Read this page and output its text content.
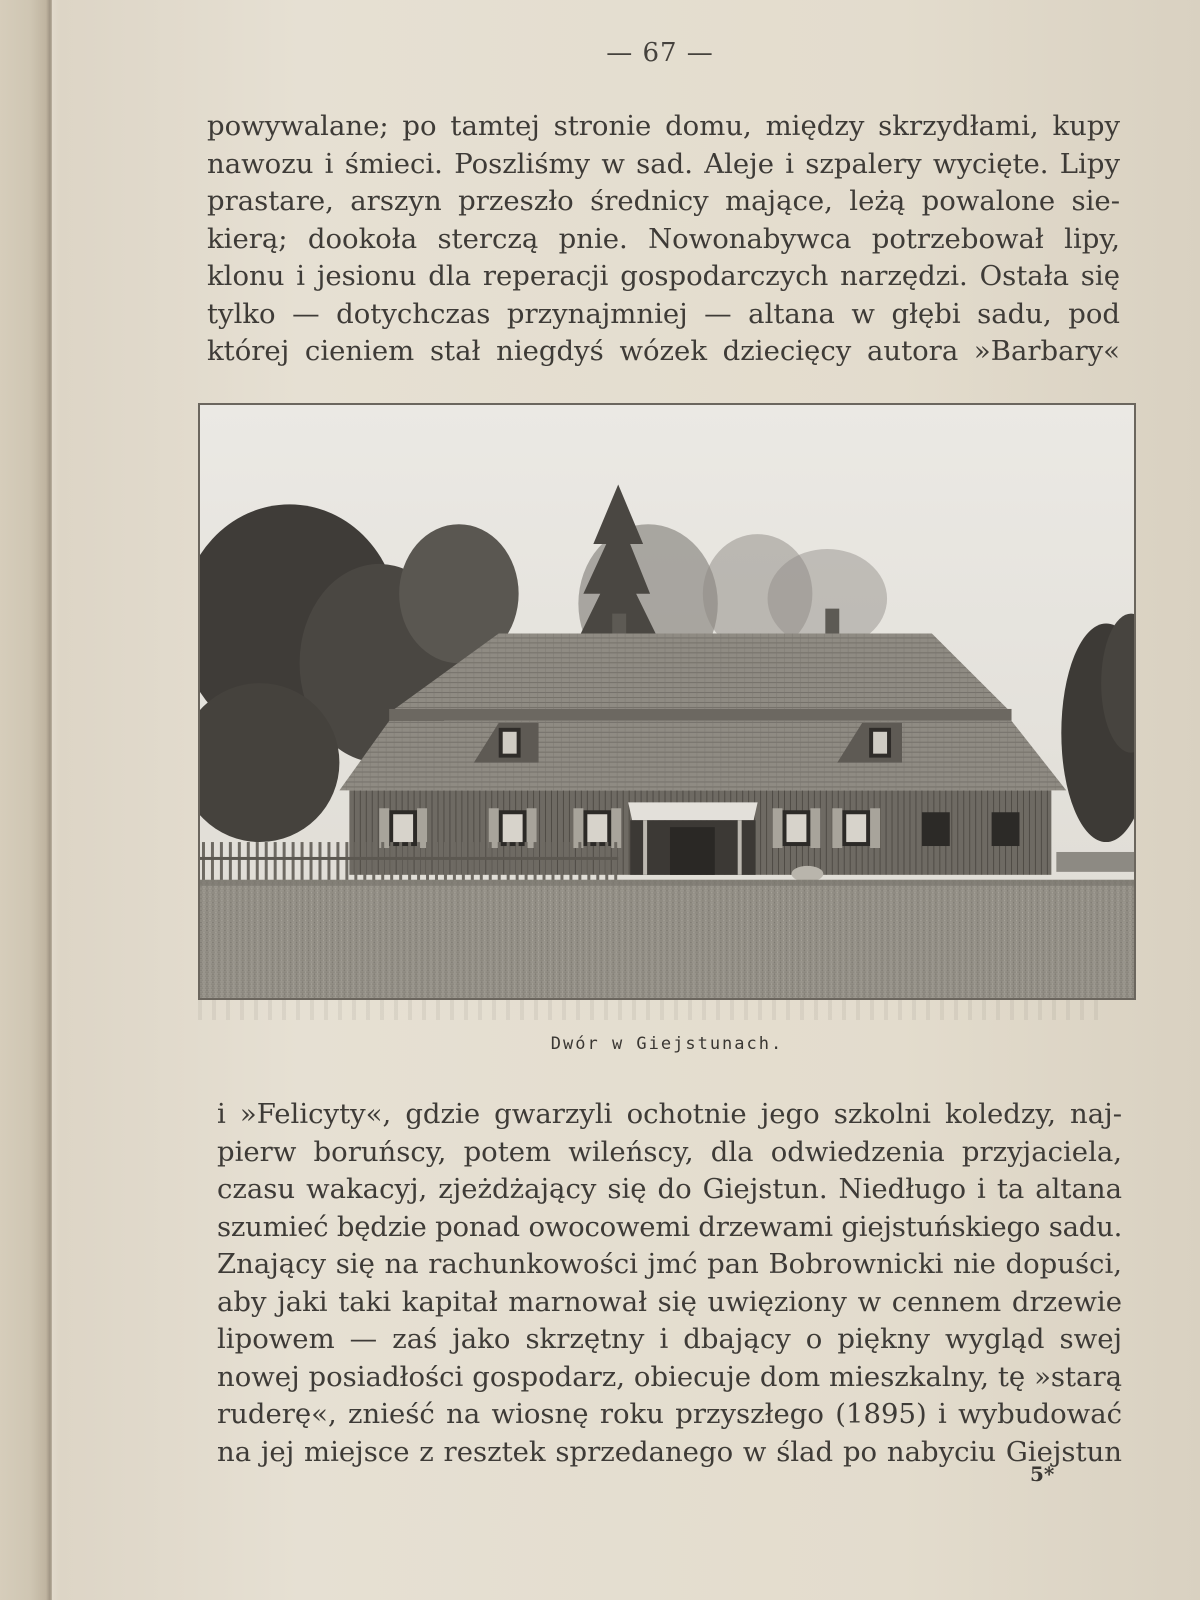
— 67 —
powywalane; po tamtej stronie domu, między skrzydłami, kupy
nawozu i śmieci. Poszliśmy w sad. Aleje i szpalery wycięte. Lipy
prastare, arszyn przeszło średnicy mające, leżą powalone sie-
kierą; dookoła sterczą pnie. Nowonabywca potrzebował lipy,
klonu i jesionu dla reperacji gospodarczych narzędzi. Ostała się
tylko — dotychczas przynajmniej — altana w głębi sadu, pod
której cieniem stał niegdyś wózek dziecięcy autora »Barbary«
Dwór w Giejstunach.
i »Felicyty«, gdzie gwarzyli ochotnie jego szkolni koledzy, naj-
pierw boruńscy, potem wileńscy, dla odwiedzenia przyjaciela,
czasu wakacyj, zjeżdżający się do Giejstun. Niedługo i ta altana
szumieć będzie ponad owocowemi drzewami giejstuńskiego sadu.
Znający się na rachunkowości jmć pan Bobrownicki nie dopuści,
aby jaki taki kapitał marnował się uwięziony w cennem drzewie
lipowem — zaś jako skrzętny i dbający o piękny wygląd swej
nowej posiadłości gospodarz, obiecuje dom mieszkalny, tę »starą
ruderę«, znieść na wiosnę roku przyszłego (1895) i wybudować
na jej miejsce z resztek sprzedanego w ślad po nabyciu Giejstun
5*
